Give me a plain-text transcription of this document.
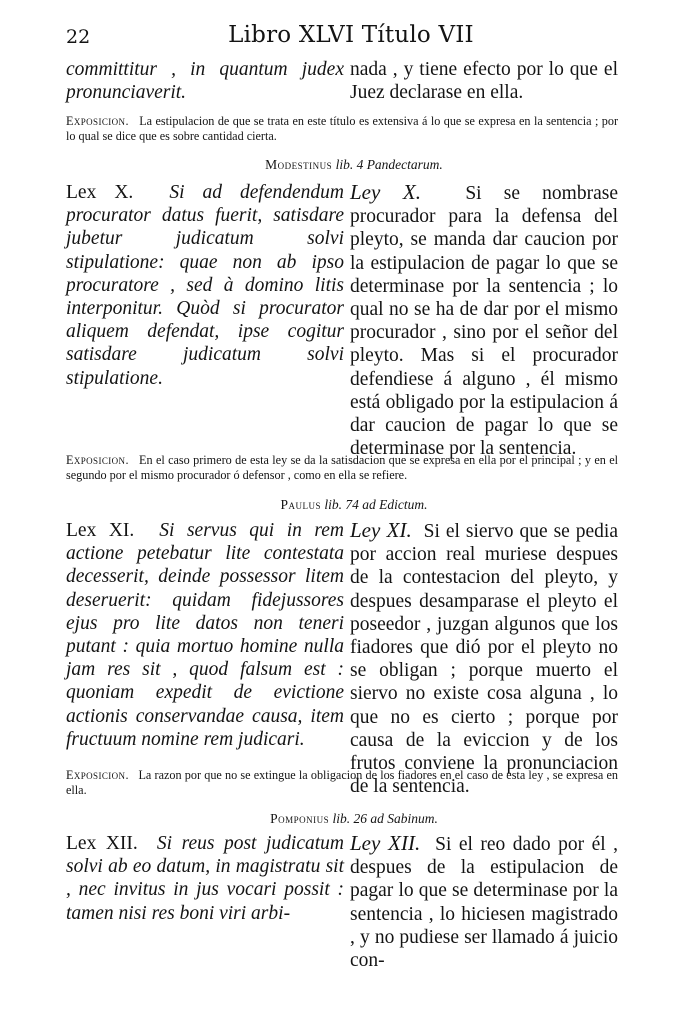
22	Libro XLVI Título VII

committitur , in quantum judex pronunciaverit.

nada , y tiene efecto por lo que el Juez declarase en ella.

Exposicion. La estipulacion de que se trata en este título es extensiva á lo que se expresa en la sentencia ; por lo qual se dice que es sobre cantidad cierta.
Modestinus lib. 4 Pandectarum.

Lex X. Si ad defendendum procurator datus fuerit, satisdare jubetur judicatum solvi stipulatione: quae non ab ipso procuratore , sed à domino litis interponitur. Quòd si procurator aliquem defendat, ipse cogitur satisdare judicatum solvi stipulatione.

Ley X. Si se nombrase procurador para la defensa del pleyto, se manda dar caucion por la estipulacion de pagar lo que se determinase por la sentencia ; lo qual no se ha de dar por el mismo procurador , sino por el señor del pleyto. Mas si el procurador defendiese á alguno , él mismo está obligado por la estipulacion á dar caucion de pagar lo que se determinase por la sentencia.

Exposicion. En el caso primero de esta ley se da la satisdacion que se expresa en ella por el principal ; y en el segundo por el mismo procurador ó defensor , como en ella se refiere.
Paulus lib. 74 ad Edictum.

Lex XI. Si servus qui in rem actione petebatur lite contestata decesserit, deinde possessor litem deseruerit: quidam fidejussores ejus pro lite datos non teneri putant : quia mortuo homine nulla jam res sit , quod falsum est : quoniam expedit de evictione actionis conservandae causa, item fructuum nomine rem judicari.

Ley XI. Si el siervo que se pedia por accion real muriese despues de la contestacion del pleyto, y despues desamparase el pleyto el poseedor , juzgan algunos que los fiadores que dió por el pleyto no se obligan ; porque muerto el siervo no existe cosa alguna , lo que no es cierto ; porque por causa de la eviccion y de los frutos conviene la pronunciacion de la sentencia.

Exposicion. La razon por que no se extingue la obligacion de los fiadores en el caso de esta ley , se expresa en ella.
Pomponius lib. 26 ad Sabinum.

Lex XII. Si reus post judicatum solvi ab eo datum, in magistratu sit , nec invitus in jus vocari possit : tamen nisi res boni viri arbi-

Ley XII. Si el reo dado por él , despues de la estipulacion de pagar lo que se determinase por la sentencia , lo hiciesen magistrado , y no pudiese ser llamado á juicio con-
